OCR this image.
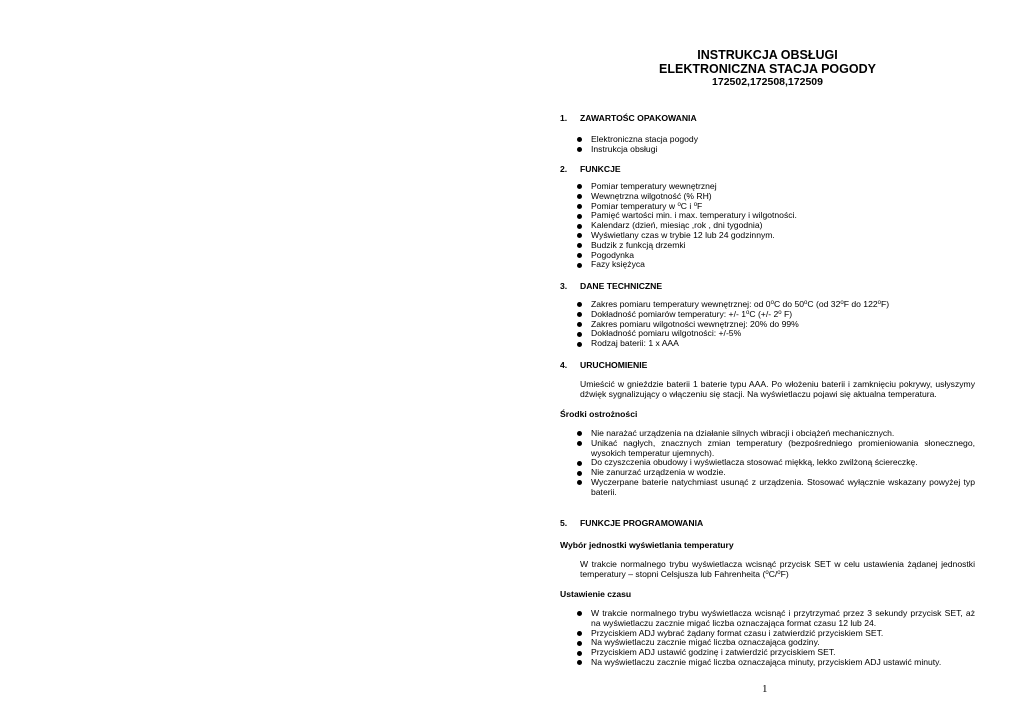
INSTRUKCJA OBSŁUGI
ELEKTRONICZNA STACJA POGODY
172502,172508,172509
1. ZAWARTOŚC OPAKOWANIA
Elektroniczna stacja pogody
Instrukcja obsługi
2. FUNKCJE
Pomiar temperatury wewnętrznej
Wewnętrzna wilgotność (% RH)
Pomiar temperatury w $^o$C i $^o$F
Pamięć wartości min. i max. temperatury i wilgotności.
Kalendarz (dzień, miesiąc ,rok , dni tygodnia)
Wyświetlany czas w trybie 12 lub 24 godzinnym.
Budzik z funkcją drzemki
Pogodynka
Fazy księżyca
3. DANE TECHNICZNE
Zakres pomiaru temperatury wewnętrznej: od 0$^o$C do 50$^o$C (od 32$^o$F do 122$^o$F)
Dokładność pomiarów temperatury: +/- 1$^o$C (+/- 2$^o$ F)
Zakres pomiaru wilgotności wewnętrznej: 20% do 99%
Dokładność pomiaru wilgotności: +/-5%
Rodzaj baterii: 1 x AAA
4. URUCHOMIENIE

Umieścić w gnieździe baterii 1 baterie typu AAA. Po włożeniu baterii i zamknięciu pokrywy, usłyszymy dźwięk sygnalizujący o włączeniu się stacji. Na wyświetlaczu pojawi się aktualna temperatura.

Środki ostrożności
Nie narażać urządzenia na działanie silnych wibracji i obciążeń mechanicznych.
Unikać nagłych, znacznych zmian temperatury (bezpośredniego promieniowania słonecznego, wysokich temperatur ujemnych).
Do czyszczenia obudowy i wyświetlacza stosować miękką, lekko zwilżoną ściereczkę.
Nie zanurzać urządzenia w wodzie.
Wyczerpane baterie natychmiast usunąć z urządzenia. Stosować wyłącznie wskazany powyżej typ baterii.
5. FUNKCJE PROGRAMOWANIA
Wybór jednostki wyświetlania temperatury

W trakcie normalnego trybu wyświetlacza wcisnąć przycisk SET w celu ustawienia żądanej jednostki temperatury – stopni Celsjusza lub Fahrenheita ($^o$C/$^o$F)

Ustawienie czasu
W trakcie normalnego trybu wyświetlacza wcisnąć i przytrzymać przez 3 sekundy przycisk SET, aż na wyświetlaczu zacznie migać liczba oznaczająca format czasu 12 lub 24.
Przyciskiem ADJ wybrać żądany format czasu i zatwierdzić przyciskiem SET.
Na wyświetlaczu zacznie migać liczba oznaczająca godziny.
Przyciskiem ADJ ustawić godzinę i zatwierdzić przyciskiem SET.
Na wyświetlaczu zacznie migać liczba oznaczająca minuty, przyciskiem ADJ ustawić minuty.
1
